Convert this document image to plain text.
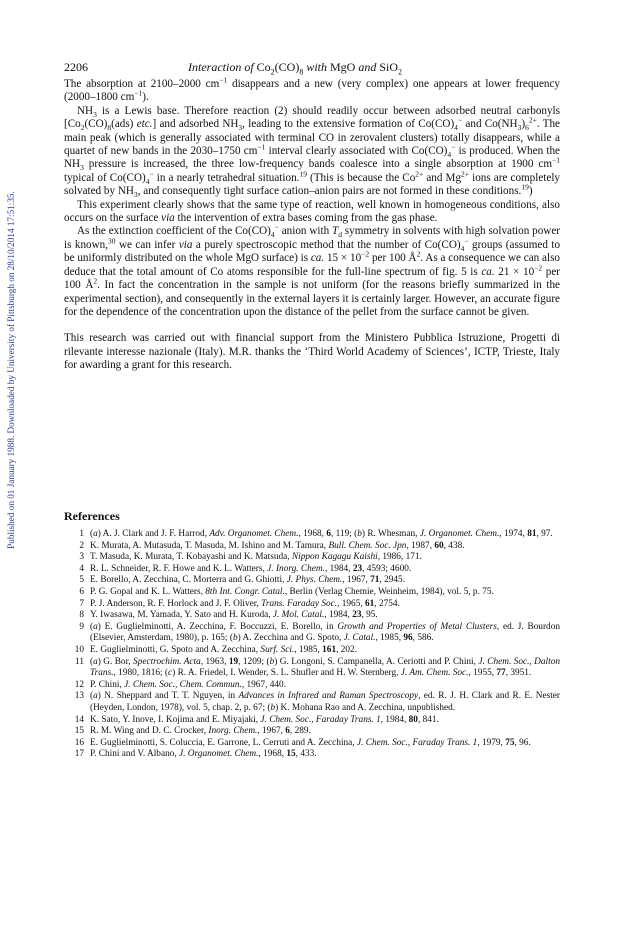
Published on 01 January 1988. Downloaded by University of Pittsburgh on 28/10/2014 17:51:35.
2206	Interaction of $Co_2(CO)_8$ with MgO and SiO$_2$

The absorption at 2100–2000 $cm^{-1}$ disappears and a new (very complex) one appears at lower frequency (2000–1800 $cm^{-1}$).

$NH_3$ is a Lewis base. Therefore reaction (2) should readily occur between adsorbed neutral carbonyls [$Co_2(CO)_8(ads)$ etc.] and adsorbed $NH_3$, leading to the extensive formation of $Co(CO)_4^-$ and $Co(NH_3)_6^{2+}$. The main peak (which is generally associated with terminal CO in zerovalent clusters) totally disappears, while a quartet of new bands in the 2030–1750 $cm^{-1}$ interval clearly associated with $Co(CO)_4^-$ is produced. When the $NH_3$ pressure is increased, the three low-frequency bands coalesce into a single absorption at 1900 $cm^{-1}$ typical of $Co(CO)_4^-$ in a nearly tetrahedral situation.$^{19}$ (This is because the $Co^{2+}$ and $Mg^{2+}$ ions are completely solvated by $NH_3$, and consequently tight surface cation–anion pairs are not formed in these conditions.$^{19}$)

This experiment clearly shows that the same type of reaction, well known in homogeneous conditions, also occurs on the surface via the intervention of extra bases coming from the gas phase.

As the extinction coefficient of the $Co(CO)_4^-$ anion with $T_d$ symmetry in solvents with high solvation power is known,$^{30}$ we can infer via a purely spectroscopic method that the number of $Co(CO)_4^-$ groups (assumed to be uniformly distributed on the whole MgO surface) is ca. $15 \times 10^{-2}$ per 100 $Å^2$. As a consequence we can also deduce that the total amount of Co atoms responsible for the full-line spectrum of fig. 5 is ca. $21 \times 10^{-2}$ per 100 $Å^2$. In fact the concentration in the sample is not uniform (for the reasons briefly summarized in the experimental section), and consequently in the external layers it is certainly larger. However, an accurate figure for the dependence of the concentration upon the distance of the pellet from the surface cannot be given.

This research was carried out with financial support from the Ministero Pubblica Istruzione, Progetti di rilevante interesse nazionale (Italy). M.R. thanks the ‘Third World Academy of Sciences’, ICTP, Trieste, Italy for awarding a grant for this research.

References
1 (a) A. J. Clark and J. F. Harrod, Adv. Organomet. Chem., 1968, 6, 119; (b) R. Whesman, J. Organomet. Chem., 1974, 81, 97.
2 K. Murata, A. Mutasuda, T. Masuda, M. Ishino and M. Tamura, Bull. Chem. Soc. Jpn, 1987, 60, 438.
3 T. Masuda, K. Murata, T. Kobayashi and K. Matsuda, Nippon Kagagu Kaishi, 1986, 171.
4 R. L. Schneider, R. F. Howe and K. L. Watters, J. Inorg. Chem., 1984, 23, 4593; 4600.
5 E. Borello, A. Zecchina, C. Morterra and G. Ghiotti, J. Phys. Chem., 1967, 71, 2945.
6 P. G. Gopal and K. L. Watters, 8th Int. Congr. Catal., Berlin (Verlag Chemie, Weinheim, 1984), vol. 5, p. 75.
7 P. J. Anderson, R. F. Horlock and J. F. Oliver, Trans. Faraday Soc., 1965, 61, 2754.
8 Y. Iwasawa, M. Yamada, Y. Sato and H. Kuroda, J. Mol. Catal., 1984, 23, 95.
9 (a) E. Guglielminotti, A. Zecchina, F. Boccuzzi, E. Borello, in Growth and Properties of Metal Clusters, ed. J. Bourdon (Elsevier, Amsterdam, 1980), p. 165; (b) A. Zecchina and G. Spoto, J. Catal., 1985, 96, 586.
10 E. Guglielminotti, G. Spoto and A. Zecchina, Surf. Sci., 1985, 161, 202.
11 (a) G. Bor, Spectrochim. Acta, 1963, 19, 1209; (b) G. Longoni, S. Campanella, A. Ceriotti and P. Chini, J. Chem. Soc., Dalton Trans., 1980, 1816; (c) R. A. Friedel, I. Wender, S. L. Shufler and H. W. Sternberg, J. Am. Chem. Soc., 1955, 77, 3951.
12 P. Chini, J. Chem. Soc., Chem. Commun., 1967, 440.
13 (a) N. Sheppard and T. T. Nguyen, in Advances in Infrared and Raman Spectroscopy, ed. R. J. H. Clark and R. E. Nester (Heyden, London, 1978), vol. 5, chap. 2, p. 67; (b) K. Mohana Rao and A. Zecchina, unpublished.
14 K. Sato, Y. Inove, I. Kojima and E. Miyajaki, J. Chem. Soc., Faraday Trans. 1, 1984, 80, 841.
15 R. M. Wing and D. C. Crocker, Inorg. Chem., 1967, 6, 289.
16 E. Guglielminotti, S. Coluccia, E. Garrone, L. Cerruti and A. Zecchina, J. Chem. Soc., Faraday Trans. 1, 1979, 75, 96.
17 P. Chini and V. Albano, J. Organomet. Chem., 1968, 15, 433.
